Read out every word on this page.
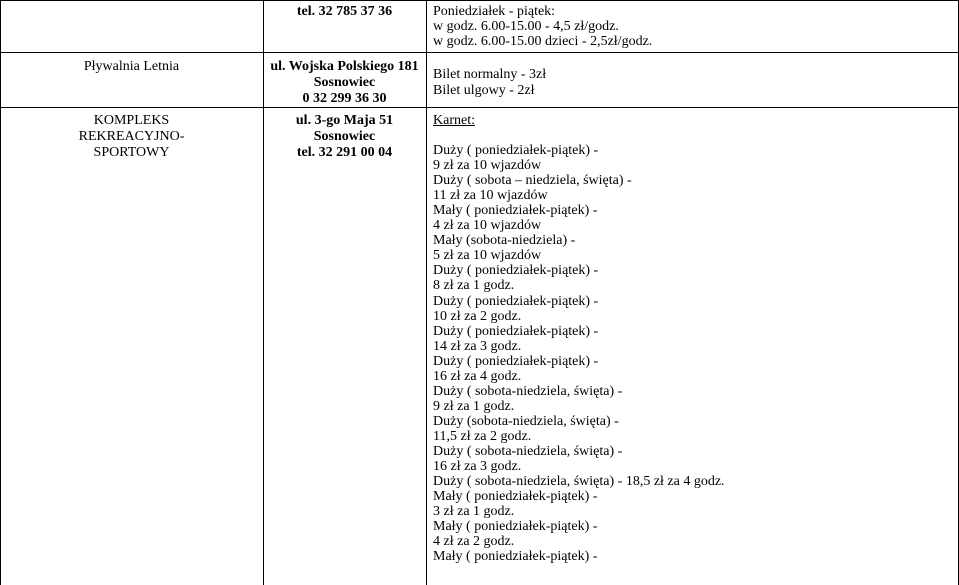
tel. 32 785 37 36	Poniedziałek - piątek:
w godz. 6.00-15.00 - 4,5 zł/godz.
w godz. 6.00-15.00 dzieci - 2,5zł/godz.
Pływalnia Letnia	ul. Wojska Polskiego 181
Sosnowiec
0 32 299 36 30
Bilet normalny - 3zł
Bilet ulgowy - 2zł
KOMPLEKS
REKREACYJNO-
SPORTOWY
ul. 3-go Maja 51
Sosnowiec
tel. 32 291 00 04
Karnet:
Duży ( poniedziałek-piątek) -
9 zł za 10 wjazdów
Duży ( sobota – niedziela, święta) -
11 zł za 10 wjazdów
Mały ( poniedziałek-piątek) -
4 zł za 10 wjazdów
Mały (sobota-niedziela) -
5 zł za 10 wjazdów
Duży ( poniedziałek-piątek) -
8 zł za 1 godz.
Duży ( poniedziałek-piątek) -
10 zł za 2 godz.
Duży ( poniedziałek-piątek) -
14 zł za 3 godz.
Duży ( poniedziałek-piątek) -
16 zł za 4 godz.
Duży ( sobota-niedziela, święta) -
9 zł za 1 godz.
Duży (sobota-niedziela, święta) -
11,5 zł za 2 godz.
Duży ( sobota-niedziela, święta) -
16 zł za 3 godz.
Duży ( sobota-niedziela, święta) - 18,5 zł za 4 godz.
Mały ( poniedziałek-piątek) -
3 zł za 1 godz.
Mały ( poniedziałek-piątek) -
4 zł za 2 godz.
Mały ( poniedziałek-piątek) -
